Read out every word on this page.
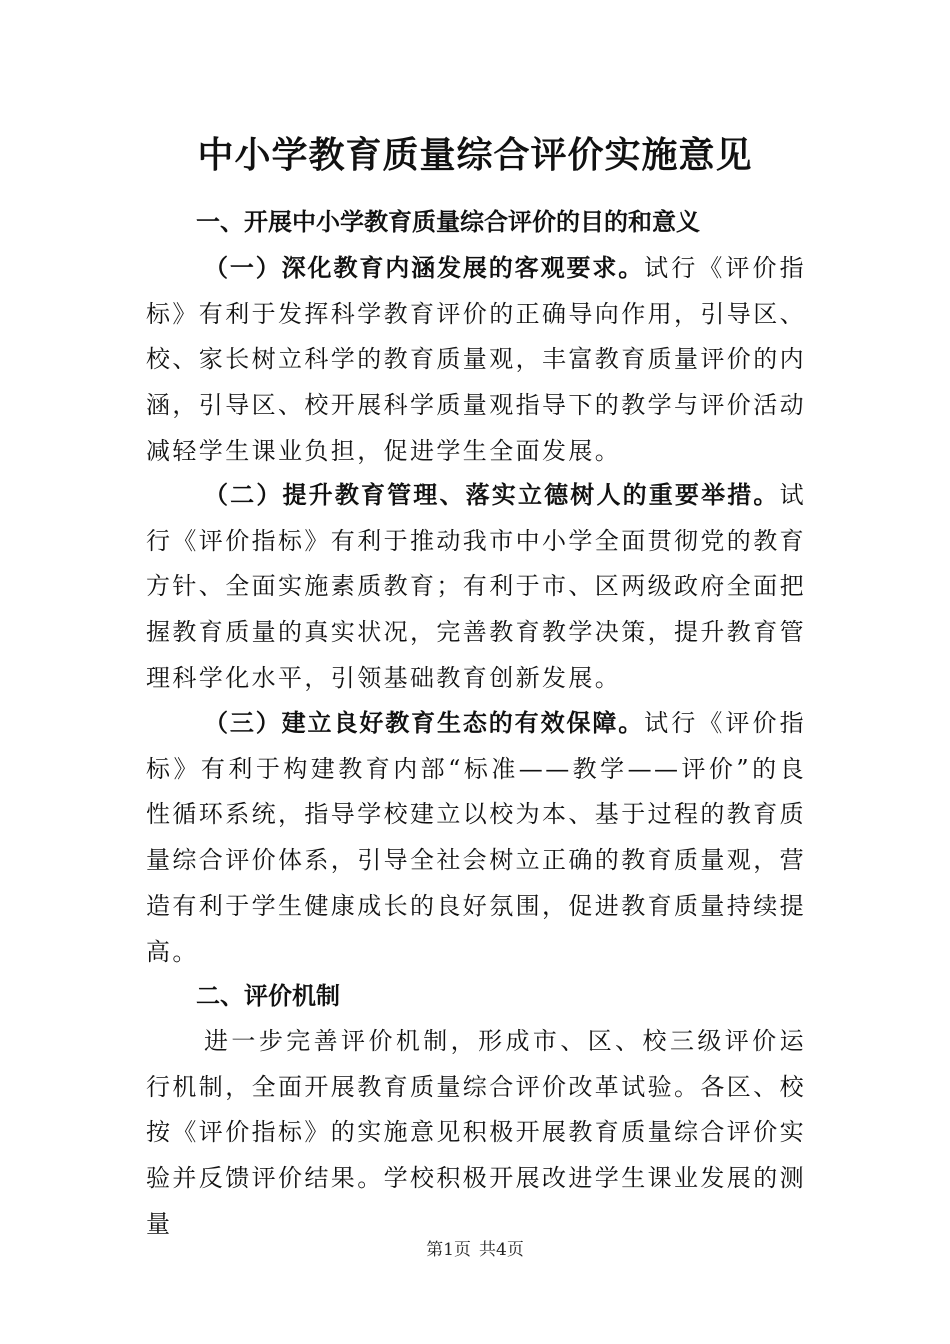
中小学教育质量综合评价实施意见
一、开展中小学教育质量综合评价的目的和意义

（一）深化教育内涵发展的客观要求。试行《评价指标》有利于发挥科学教育评价的正确导向作用，引导区、校、家长树立科学的教育质量观，丰富教育质量评价的内涵，引导区、校开展科学质量观指导下的教学与评价活动减轻学生课业负担，促进学生全面发展。

（二）提升教育管理、落实立德树人的重要举措。试行《评价指标》有利于推动我市中小学全面贯彻党的教育方针、全面实施素质教育；有利于市、区两级政府全面把握教育质量的真实状况，完善教育教学决策，提升教育管理科学化水平，引领基础教育创新发展。

（三）建立良好教育生态的有效保障。试行《评价指标》有利于构建教育内部“标准——教学——评价”的良性循环系统，指导学校建立以校为本、基于过程的教育质量综合评价体系，引导全社会树立正确的教育质量观，营造有利于学生健康成长的良好氛围，促进教育质量持续提高。

二、评价机制

进一步完善评价机制，形成市、区、校三级评价运行机制，全面开展教育质量综合评价改革试验。各区、校按《评价指标》的实施意见积极开展教育质量综合评价实验并反馈评价结果。学校积极开展改进学生课业发展的测量

第1页 共4页
